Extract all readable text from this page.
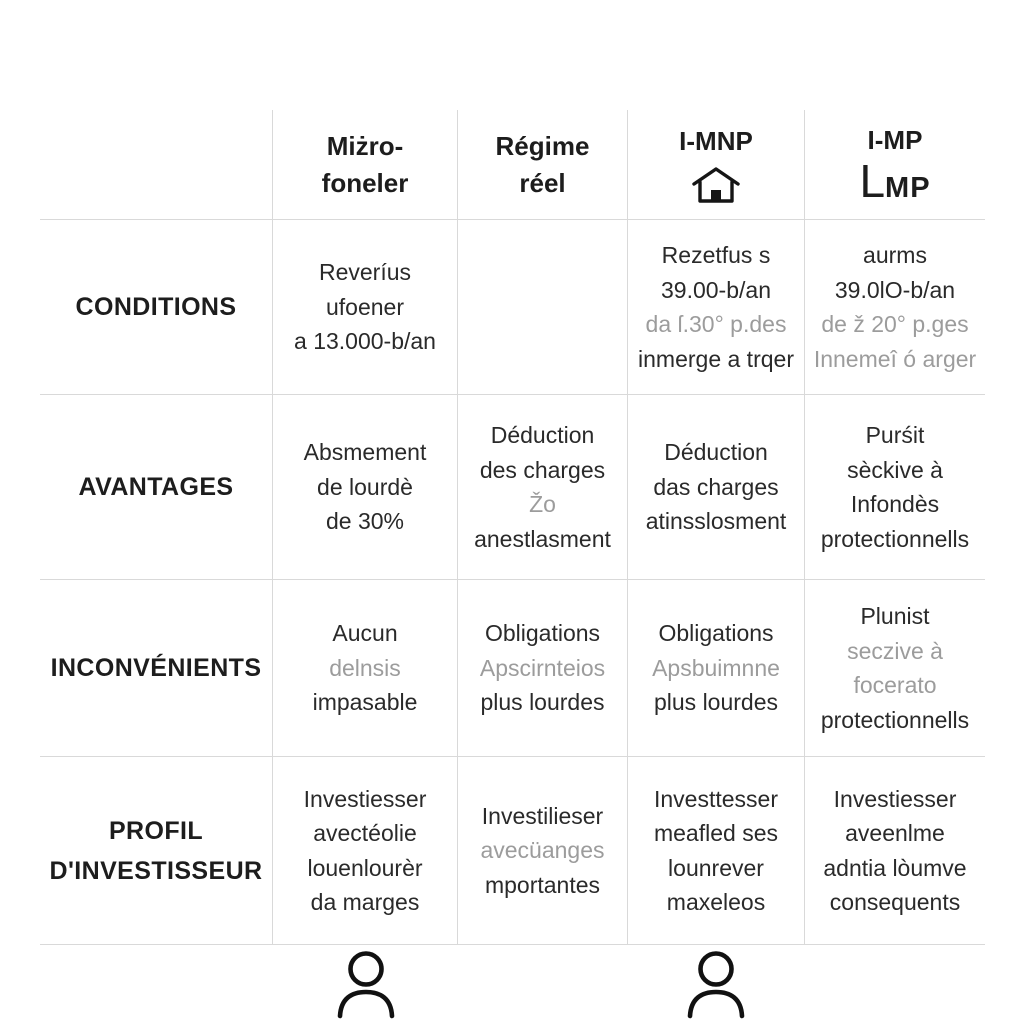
Miżro-
foneler
Régime
réel
I-MNP	I-MP
L MP
CONDITIONS
Reveríus
ufoener
a 13.000-b/an
Rezetfus s
39.00-b/an
da ſ.30° p.des
inmerge a trqer
aurms
39.0lO-b/an
de ž 20° p.ges
Innemeî ó arger
AVANTAGES
Absmement
de lourdè
de 30%
Déduction
des charges
Žo
anestlasment
Déduction
das charges
atinsslosment
Purśit
sèckive à
Infondès
protectionnells
INCONVÉNIENTS
Aucun
delnsis
impasable
Obligations
Apscirnteios
plus lourdes
Obligations
Apsbuimnne
plus lourdes
Plunist
seczive à
focerato
protectionnells
PROFIL
D'INVESTISSEUR
Investiesser
avectéolie
louenlourèr
da marges
Investilieser
avecüanges
mportantes
Investtesser
meafled ses
lounrever
maxeleos
Investiesser
aveenlme
adntia lòumve
consequents
